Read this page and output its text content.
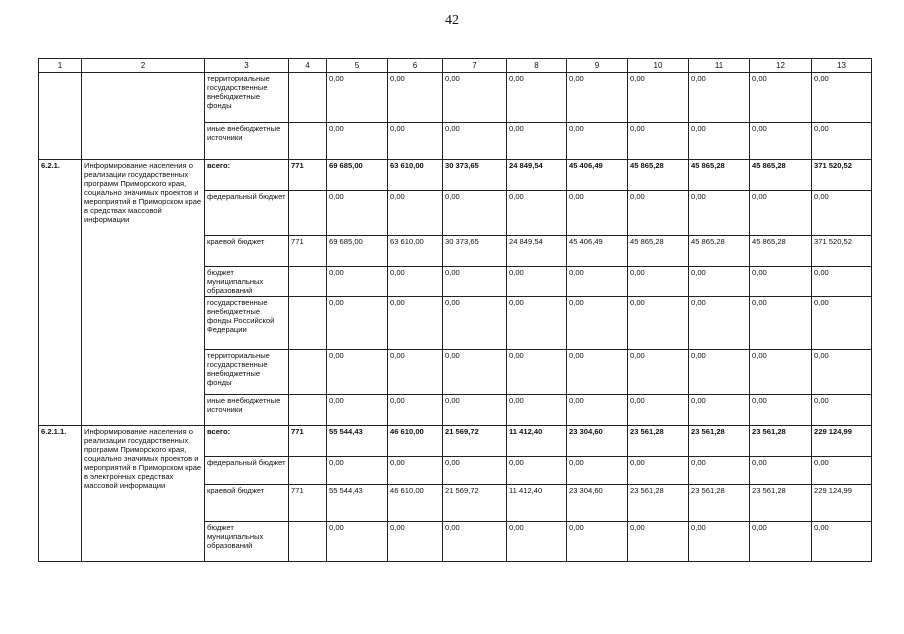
42
1	2	3	4	5	6	7	8	9	10	11	12	13
		территориальные государственные внебюджетные фонды		0,00	0,00	0,00	0,00	0,00	0,00	0,00	0,00	0,00
		иные внебюджетные источники		0,00	0,00	0,00	0,00	0,00	0,00	0,00	0,00	0,00
6.2.1.	Информирование населения о реализации государственных программ Приморского края, социально значимых проектов и мероприятий в Приморском крае в средствах массовой информации	всего:	771	69 685,00	63 610,00	30 373,65	24 849,54	45 406,49	45 865,28	45 865,28	45 865,28	371 520,52
		федеральный бюджет		0,00	0,00	0,00	0,00	0,00	0,00	0,00	0,00	0,00
		краевой бюджет	771	69 685,00	63 610,00	30 373,65	24 849,54	45 406,49	45 865,28	45 865,28	45 865,28	371 520,52
		бюджет муниципальных образований		0,00	0,00	0,00	0,00	0,00	0,00	0,00	0,00	0,00
		государственные внебюджетные фонды Российской Федерации		0,00	0,00	0,00	0,00	0,00	0,00	0,00	0,00	0,00
		территориальные государственные внебюджетные фонды		0,00	0,00	0,00	0,00	0,00	0,00	0,00	0,00	0,00
		иные внебюджетные источники		0,00	0,00	0,00	0,00	0,00	0,00	0,00	0,00	0,00
6.2.1.1.	Информирование населения о реализации государственных программ Приморского края, социально значимых проектов и мероприятий в Приморском крае в электронных средствах массовой информации	всего:	771	55 544,43	46 610,00	21 569,72	11 412,40	23 304,60	23 561,28	23 561,28	23 561,28	229 124,99
		федеральный бюджет		0,00	0,00	0,00	0,00	0,00	0,00	0,00	0,00	0,00
		краевой бюджет	771	55 544,43	46 610,00	21 569,72	11 412,40	23 304,60	23 561,28	23 561,28	23 561,28	229 124,99
		бюджет муниципальных образований		0,00	0,00	0,00	0,00	0,00	0,00	0,00	0,00	0,00
